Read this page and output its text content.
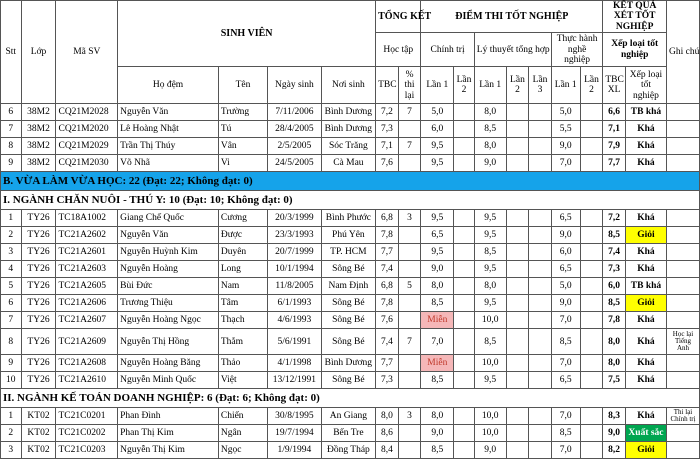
Stt	Lớp	Mã SV	SINH VIÊN				TỔNG KẾT		ĐIỂM THI TỐT NGHIỆP							KẾT QUẢ XÉT TỐT NGHIỆP		Ghi chú
							Học tập		Chính trị		Lý thuyết tổng hợp			Thực hành nghề nghiệp		Xếp loại tốt nghiệp		

			Họ đệm	Tên	Ngày sinh	Nơi sinh	TBC	% thi lại	Lần 1	Lần 2	Lần 1	Lần 2	Lần 3	Lần 1	Lần 2	TBC XL	Xếp loại tốt nghiệp	
6	38M2	CQ21M2028	Nguyễn Văn	Trường	7/11/2006	Bình Dương	7,2	7	5,0		8,0			5,0		6,6	TB khá	
7	38M2	CQ21M2020	Lê Hoàng Nhật	Tú	28/4/2005	Bình Dương	7,3		6,0		8,5			5,5		7,1	Khá	
8	38M2	CQ21M2029	Trần Thị Thúy	Vân	2/5/2005	Sóc Trăng	7,1	7	9,5		8,0			9,0		7,9	Khá	
9	38M2	CQ21M2030	Võ Nhã	Vi	24/5/2005	Cà Mau	7,6		9,5		9,0			7,0		7,7	Khá	
B. VỪA LÀM VỪA HỌC: 22 (Đạt: 22; Không đạt: 0)																		
I. NGÀNH CHĂN NUÔI - THÚ Y: 10 (Đạt: 10; Không đạt: 0)																		
1	TY26	TC18A1002	Giang Chế Quốc	Cương	20/3/1999	Bình Phước	6,8	3	9,5		9,5			6,5		7,2	Khá	
2	TY26	TC21A2602	Nguyễn Văn	Được	23/3/1993	Phú Yên	7,8		6,5		9,5			9,0		8,5	Giỏi	
3	TY26	TC21A2601	Nguyễn Huỳnh Kim	Duyên	20/7/1999	TP. HCM	7,7		9,5		8,5			6,0		7,4	Khá	
4	TY26	TC21A2603	Nguyễn Hoàng	Long	10/1/1994	Sông Bé	7,4		9,0		9,5			6,5		7,3	Khá	
5	TY26	TC21A2605	Bùi Đức	Nam	11/8/2005	Nam Định	6,8	5	8,0		8,0			5,0		6,0	TB khá	
6	TY26	TC21A2606	Trương Thiệu	Tâm	6/1/1993	Sông Bé	7,8		8,5		9,5			9,0		8,5	Giỏi	
7	TY26	TC21A2607	Nguyễn Hoàng Ngọc	Thạch	4/6/1993	Sông Bé	7,6		Miễn		10,0			7,0		7,8	Khá	
8	TY26	TC21A2609	Nguyễn Thị Hồng	Thắm	5/6/1991	Sông Bé	7,4	7	7,0		8,5			8,5		8,0	Khá	Học lại Tiếng Anh
9	TY26	TC21A2608	Nguyễn Hoàng Băng	Thảo	4/1/1998	Bình Dương	7,7		Miễn		10,0			7,0		8,0	Khá	
10	TY26	TC21A2610	Nguyễn Minh Quốc	Việt	13/12/1991	Sông Bé	7,3		8,5		9,5			6,5		7,5	Khá	
II. NGÀNH KẾ TOÁN DOANH NGHIỆP: 6 (Đạt: 6; Không đạt: 0)																		
1	KT02	TC21C0201	Phan Đình	Chiến	30/8/1995	An Giang	8,0	3	8,0		10,0			7,0		8,3	Khá	Thi lại Chính trị
2	KT02	TC21C0202	Phan Thị Kim	Ngân	19/7/1994	Bến Tre	8,6		9,0		10,0			8,5		9,0	Xuất sắc	
3	KT02	TC21C0203	Nguyễn Thị Kim	Ngọc	1/9/1994	Đồng Tháp	8,4		8,5		9,0			7,0		8,2	Giỏi	
